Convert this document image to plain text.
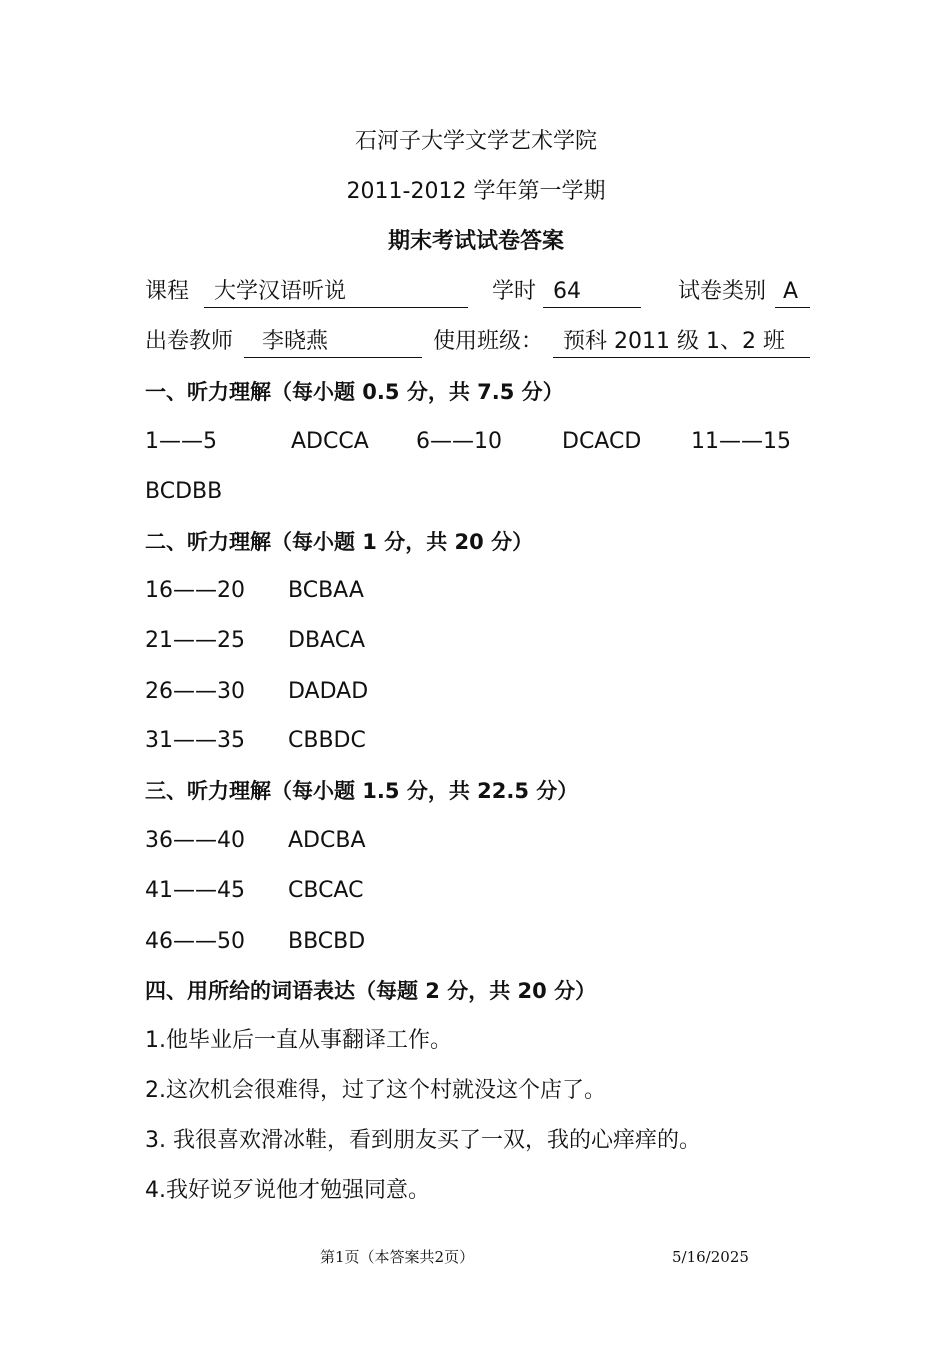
石河子大学文学艺术学院
2011-2012 学年第一学期
期末考试试卷答案
课程	大学汉语听说	学时 64	试卷类别 A
出卷教师	李晓燕	使用班级： 预科 2011 级 1、2 班
一、听力理解（每小题 0.5 分，共 7.5 分）
1——5	ADCCA 6——10	DCACD 11——15
BCDBB
二、听力理解（每小题 1 分，共 20 分）
16——20 BCBAA
21——25 DBACA
26——30 DADAD
31——35 CBBDC
三、听力理解（每小题 1.5 分，共 22.5 分）
36——40 ADCBA
41——45 CBCAC
46——50 BBCBD
四、用所给的词语表达（每题 2 分，共 20 分）
1.他毕业后一直从事翻译工作。
2.这次机会很难得，过了这个村就没这个店了。
3. 我很喜欢滑冰鞋，看到朋友买了一双，我的心痒痒的。
4.我好说歹说他才勉强同意。
第1页（本答案共2页）	5/16/2025
